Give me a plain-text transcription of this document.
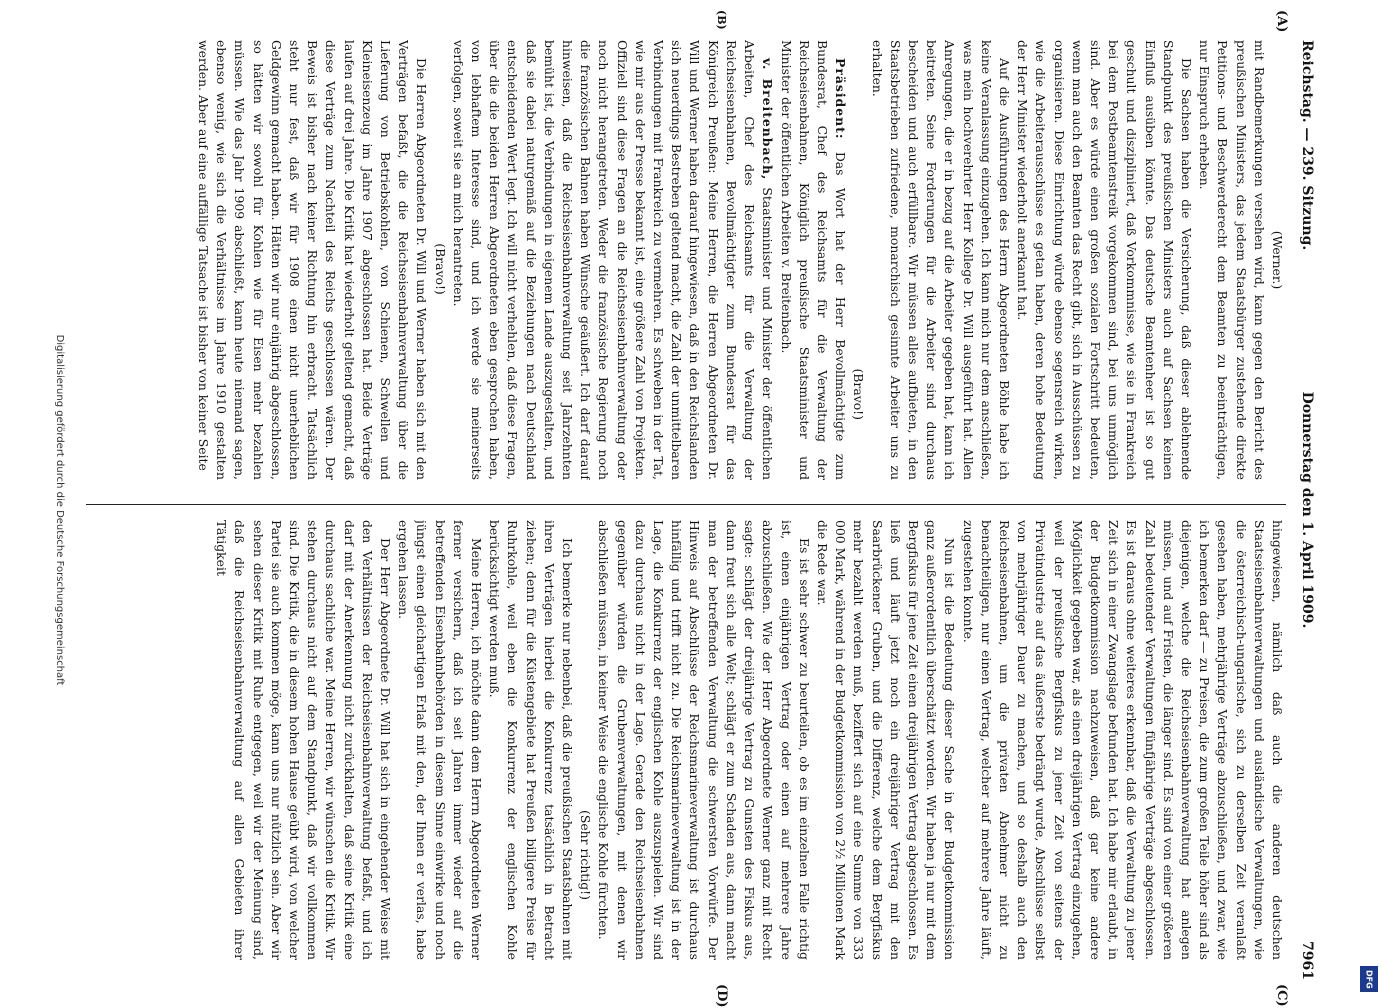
Reichstag. — 239. Sitzung.
Donnerstag den 1. April 1909.
7961
(A)
(B)
(C)
(D)

(Werner.)

mit Randbemerkungen versehen wird, kann gegen den Bericht des preußischen Ministers, das jedem Staatsbürger zustehende direkte Petitions- und Beschwerderecht dem Beamten zu beeinträchtigen, nur Einspruch erheben.

Die Sachsen haben die Versicherung, daß dieser ablehnende Standpunkt des preußischen Ministers auch auf Sachsen keinen Einfluß ausüben könnte. Das deutsche Beamtenheer ist so gut geschult und diszipliniert, daß Vorkommnisse, wie sie in Frankreich bei dem Postbeamtenstreik vorgekommen sind, bei uns unmöglich sind. Aber es würde einen großen sozialen Fortschritt bedeuten, wenn man auch den Beamten das Recht gibt, sich in Ausschüssen zu organisieren. Diese Einrichtung würde ebenso segensreich wirken, wie die Arbeiterausschüsse es getan haben, deren hohe Bedeutung der Herr Minister wiederholt anerkannt hat.

Auf die Ausführungen des Herrn Abgeordneten Böhle habe ich keine Veranlassung einzugehen. Ich kann mich nur dem anschließen, was mein hochverehrter Herr Kollege Dr. Will ausgeführt hat. Allen Anregungen, die er in bezug auf die Arbeiter gegeben hat, kann ich beitreten. Seine Forderungen für die Arbeiter sind durchaus bescheiden und auch erfüllbare. Wir müssen alles aufbieten, in den Staatsbetrieben zufriedene, monarchisch gesinnte Arbeiter uns zu erhalten.

(Bravo!)

Präsident: Das Wort hat der Herr Bevollmächtigte zum Bundesrat, Chef des Reichsamts für die Verwaltung der Reichseisenbahnen, Königlich preußische Staatsminister und Minister der öffentlichen Arbeiten v. Breitenbach.

v. Breitenbach, Staatsminister und Minister der öffentlichen Arbeiten, Chef des Reichsamts für die Verwaltung der Reichseisenbahnen, Bevollmächtigter zum Bundesrat für das Königreich Preußen: Meine Herren, die Herren Abgeordneten Dr. Will und Werner haben darauf hingewiesen, daß in den Reichslanden sich neuerdings Bestreben geltend macht, die Zahl der unmittelbaren Verbindungen mit Frankreich zu vermehren. Es schweben in der Tat, wie mir aus der Presse bekannt ist, eine größere Zahl von Projekten. Offiziell sind diese Fragen an die Reichseisenbahnverwaltung oder noch nicht herangetreten. Weder die französische Regierung noch die französischen Bahnen haben Wünsche geäußert. Ich darf darauf hinweisen, daß die Reichseisenbahnverwaltung seit Jahrzehnten bemüht ist, die Verbindungen in eigenem Lande auszugestalten, und daß sie dabei naturgemäß auf die Beziehungen nach Deutschland entscheidenden Wert legt. Ich will nicht verhehlen, daß diese Fragen, über die die beiden Herren Abgeordneten eben gesprochen haben, von lebhaftem Interesse sind, und ich werde sie meinerseits verfolgen, soweit sie an mich herantreten.

(Bravo!)

Die Herren Abgeordneten Dr. Will und Werner haben sich mit den Verträgen befaßt, die die Reichseisenbahnverwaltung über die Lieferung von Betriebskohlen, von Schienen, Schwellen und Kleineisenzeug im Jahre 1907 abgeschlossen hat. Beide Verträge laufen auf drei Jahre. Die Kritik hat wiederholt geltend gemacht, daß diese Verträge zum Nachteil des Reichs geschlossen wären. Der Beweis ist bisher nach keiner Richtung hin erbracht. Tatsächlich steht nur fest, daß wir für 1908 einen nicht unerheblichen Geldgewinn gemacht haben. Hätten wir nur einjährig abgeschlossen, so hätten wir sowohl für Kohlen wie für Eisen mehr bezahlen müssen. Wie das Jahr 1909 abschließt, kann heute niemand sagen, ebenso wenig, wie sich die Verhältnisse im Jahre 1910 gestalten werden. Aber auf eine auffällige Tatsache ist bisher von keiner Seite

hingewiesen, nämlich daß auch die anderen deutschen Staatseisenbahnverwaltungen und ausländische Verwaltungen, wie die österreichisch-ungarische, sich zu derselben Zeit veranlaßt gesehen haben, mehrjährige Verträge abzuschließen, und zwar, wie ich bemerken darf — zu Preisen, die zum großen Teile höher sind als diejenigen, welche die Reichseisenbahnverwaltung hat anlegen müssen, und auf Fristen, die länger sind. Es sind von einer größeren Zahl bedeutender Verwaltungen fünfjährige Verträge abgeschlossen. Es ist daraus ohne weiteres erkennbar, daß die Verwaltung zu jener Zeit sich in einer Zwangslage befunden hat. Ich habe mir erlaubt, in der Budgetkommission nachzuweisen, daß gar keine andere Möglichkeit gegeben war, als einen dreijährigen Vertrag einzugehen, weil der preußische Bergfiskus zu jener Zeit von seitens der Privatindustrie auf das äußerste bedrängt wurde, Abschlüsse selbst von mehrjähriger Dauer zu machen, und so deshalb auch den Reichseisenbahnen, um die privaten Abnehmer nicht zu benachteiligen, nur einen Vertrag, welcher auf mehrere Jahre läuft, zugestehen konnte.

Nun ist die Bedeutung dieser Sache in der Budgetkommission ganz außerordentlich überschätzt worden. Wir haben ja nur mit dem Bergfiskus für jene Zeit einen dreijährigen Vertrag abgeschlossen. Es ließ und läuft jetzt noch ein dreijähriger Vertrag mit den Saarbrückener Gruben, und die Differenz, welche dem Bergfiskus mehr bezahlt werden muß, beziffert sich auf eine Summe von 333 000 Mark, während in der Budgetkommission von 2½ Millionen Mark die Rede war.

Es ist sehr schwer zu beurteilen, ob es im einzelnen Falle richtig ist, einen einjährigen Vertrag oder einen auf mehrere Jahre abzuschließen. Wie der Herr Abgeordnete Werner ganz mit Recht sagte: schlägt der dreijährige Vertrag zu Gunsten des Fiskus aus, dann freut sich alle Welt; schlägt er zum Schaden aus, dann macht man der betreffenden Verwaltung die schwersten Vorwürfe. Der Hinweis auf Abschlüsse der Reichsmarineverwaltung ist durchaus hinfällig und trifft nicht zu. Die Reichsmarineverwaltung ist in der Lage, die Konkurrenz der englischen Kohle auszuspielen. Wir sind dazu durchaus nicht in der Lage. Gerade den Reichseisenbahnen gegenüber würden die Grubenverwaltungen, mit denen wir abschließen müssen, in keiner Weise die englische Kohle fürchten.

(Sehr richtig!)

Ich bemerke nur nebenbei, daß die preußischen Staatsbahnen mit ihren Verträgen hierbei die Konkurrenz tatsächlich in Betracht ziehen; denn für die Küstengebiete hat Preußen billigere Preise für Ruhrkohle, weil eben die Konkurrenz der englischen Kohle berücksichtigt werden muß.

Meine Herren, ich möchte dann dem Herrn Abgeordneten Werner ferner versichern, daß ich seit Jahren immer wieder auf die betreffenden Eisenbahnbehörden in diesem Sinne einwirke und noch jüngst einen gleichartigen Erlaß mit den, der Ihnen er verlas, habe ergehen lassen.

Der Herr Abgeordnete Dr. Will hat sich in eingehender Weise mit den Verhältnissen der Reichseisenbahnverwaltung befaßt, und ich darf mit der Anerkennung nicht zurückhalten, daß seine Kritik eine durchaus sachliche war. Meine Herren, wir wünschen die Kritik. Wir stehen durchaus nicht auf dem Standpunkt, daß wir vollkommen sind. Die Kritik, die in diesem hohen Hause geübt wird, von welcher Partei sie auch kommen möge, kann uns nur nützlich sein. Aber wir sehen dieser Kritik mit Ruhe entgegen, weil wir der Meinung sind, daß die Reichseisenbahnverwaltung auf allen Gebieten ihrer Tätigkeit

Digitalisierung gefördert durch die Deutsche Forschungsgemeinschaft
DFG
